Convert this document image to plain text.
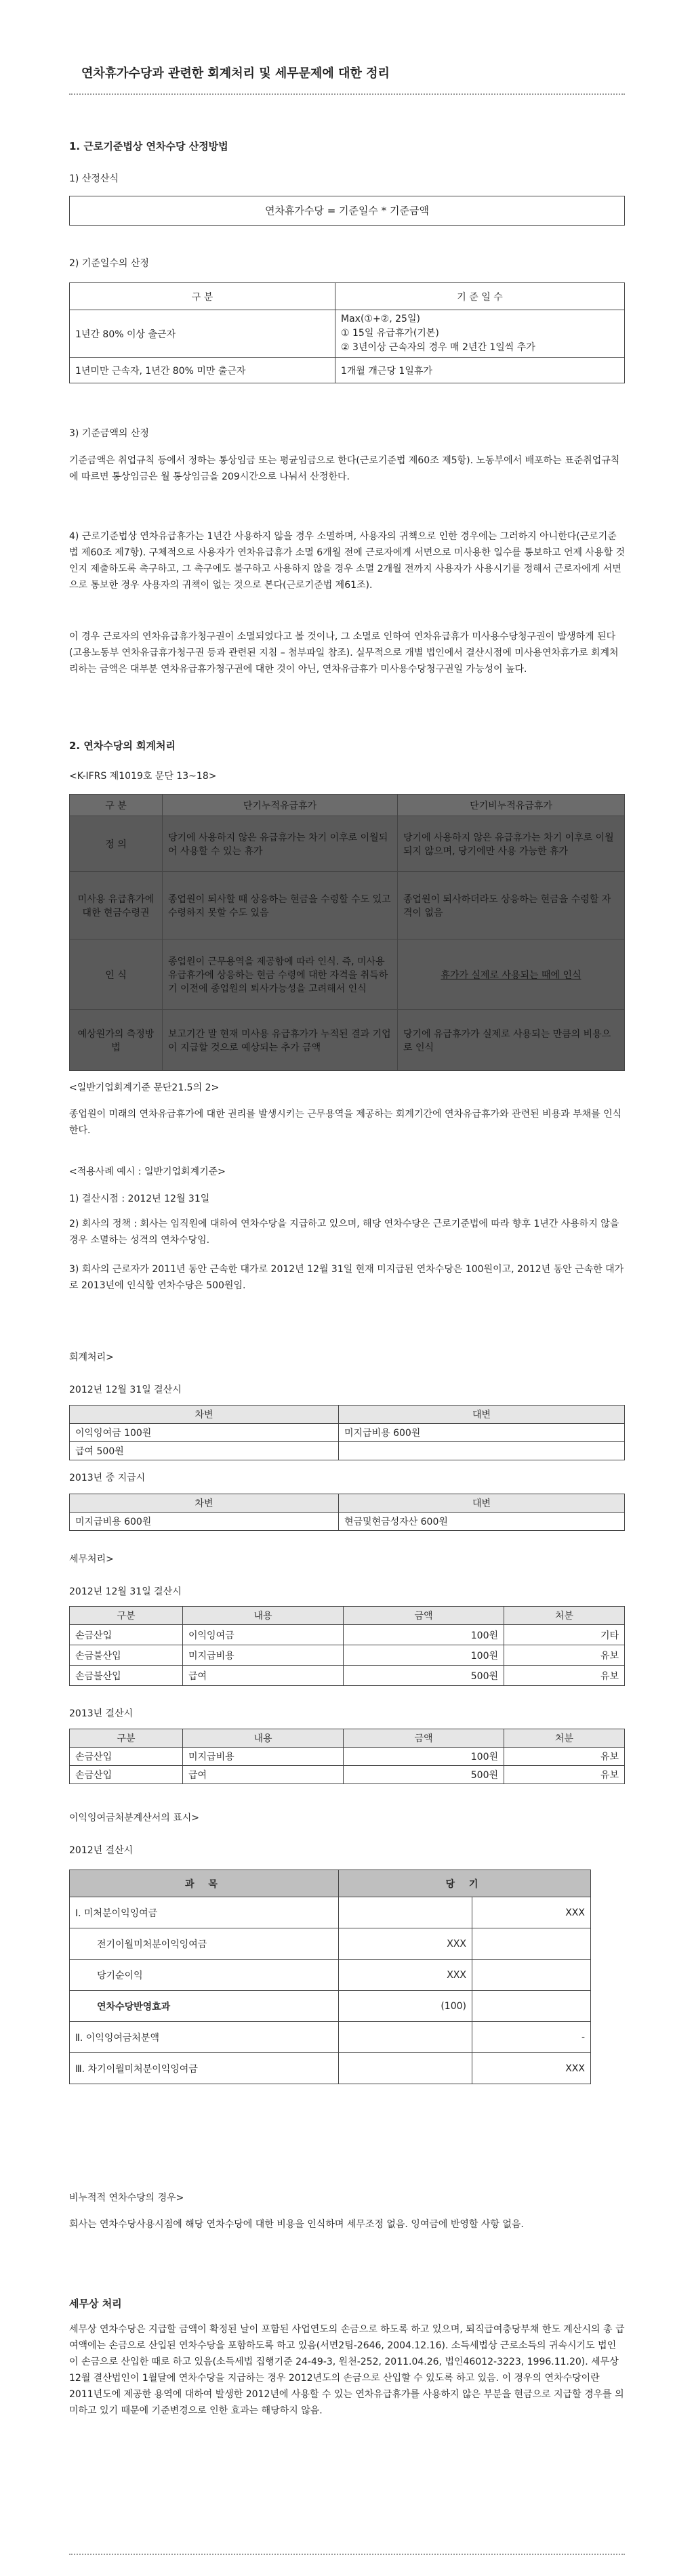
연차휴가수당과 관련한 회계처리 및 세무문제에 대한 정리
1. 근로기준법상 연차수당 산정방법
1) 산정산식
연차휴가수당 = 기준일수 * 기준금액
2) 기준일수의 산정
구 분	기 준 일 수
1년간 80% 이상 출근자	Max(①+②, 25일)
① 15일 유급휴가(기본)
② 3년이상 근속자의 경우 매 2년간 1일씩 추가

1년미만 근속자, 1년간 80% 미만 출근자	1개월 개근당 1일휴가
3) 기준금액의 산정
기준금액은 취업규칙 등에서 정하는 통상임금 또는 평균임금으로 한다(근로기준법 제60조 제5항). 노동부에서 배포하는 표준취업규칙에 따르면 통상임금은 월 통상임금을 209시간으로 나눠서 산정한다.
4) 근로기준법상 연차유급휴가는 1년간 사용하지 않을 경우 소멸하며, 사용자의 귀책으로 인한 경우에는 그러하지 아니한다(근로기준법 제60조 제7항). 구체적으로 사용자가 연차유급휴가 소멸 6개월 전에 근로자에게 서면으로 미사용한 일수를 통보하고 언제 사용할 것인지 제출하도록 촉구하고, 그 촉구에도 불구하고 사용하지 않을 경우 소멸 2개월 전까지 사용자가 사용시기를 정해서 근로자에게 서면으로 통보한 경우 사용자의 귀책이 없는 것으로 본다(근로기준법 제61조).
이 경우 근로자의 연차유급휴가청구권이 소멸되었다고 볼 것이나, 그 소멸로 인하여 연차유급휴가 미사용수당청구권이 발생하게 된다(고용노동부 연차유급휴가청구권 등과 관련된 지침 – 첨부파일 참조). 실무적으로 개별 법인에서 결산시점에 미사용연차휴가로 회계처리하는 금액은 대부분 연차유급휴가청구권에 대한 것이 아닌, 연차유급휴가 미사용수당청구권일 가능성이 높다.
2. 연차수당의 회계처리
<K-IFRS 제1019호 문단 13~18>
구 분	단기누적유급휴가	단기비누적유급휴가
정 의	당기에 사용하지 않은 유급휴가는 차기 이후로 이월되어 사용할 수 있는 휴가	당기에 사용하지 않은 유급휴가는 차기 이후로 이월되지 않으며, 당기에만 사용 가능한 휴가
미사용 유급휴가에 대한 현금수령권	종업원이 퇴사할 때 상응하는 현금을 수령할 수도 있고 수령하지 못할 수도 있음	종업원이 퇴사하더라도 상응하는 현금을 수령할 자격이 없음
인 식	종업원이 근무용역을 제공함에 따라 인식. 즉, 미사용 유급휴가에 상응하는 현금 수령에 대한 자격을 취득하기 이전에 종업원의 퇴사가능성을 고려해서 인식	휴가가 실제로 사용되는 때에 인식
예상원가의 측정방법	보고기간 말 현재 미사용 유급휴가가 누적된 결과 기업이 지급할 것으로 예상되는 추가 금액	당기에 유급휴가가 실제로 사용되는 만큼의 비용으로 인식
<일반기업회계기준 문단21.5의 2>
종업원이 미래의 연차유급휴가에 대한 권리를 발생시키는 근무용역을 제공하는 회계기간에 연차유급휴가와 관련된 비용과 부채를 인식한다.
<적용사례 예시 : 일반기업회계기준>
1) 결산시점 : 2012년 12월 31일
2) 회사의 정책 : 회사는 임직원에 대하여 연차수당을 지급하고 있으며, 해당 연차수당은 근로기준법에 따라 향후 1년간 사용하지 않을 경우 소멸하는 성격의 연차수당임.
3) 회사의 근로자가 2011년 동안 근속한 대가로 2012년 12월 31일 현재 미지급된 연차수당은 100원이고, 2012년 동안 근속한 대가로 2013년에 인식할 연차수당은 500원임.
회계처리>
2012년 12월 31일 결산시
차변	대변
이익잉여금 100원	미지급비용 600원
급여 500원	
2013년 중 지급시
차변	대변
미지급비용 600원	현금및현금성자산 600원
세무처리>
2012년 12월 31일 결산시
구분	내용	금액	처분
손금산입	이익잉여금	100원	기타
손금불산입	미지급비용	100원	유보
손금불산입	급여	500원	유보
2013년 결산시
구분	내용	금액	처분
손금산입	미지급비용	100원	유보
손금산입	급여	500원	유보
이익잉여금처분계산서의 표시>
2012년 결산시
과 목	당 기	
Ⅰ. 미처분이익잉여금		XXX
전기이월미처분이익잉여금	XXX	
당기순이익	XXX	
연차수당반영효과	(100)	
Ⅱ. 이익잉여금처분액		-
Ⅲ. 차기이월미처분이익잉여금		XXX
비누적적 연차수당의 경우>
회사는 연차수당사용시점에 해당 연차수당에 대한 비용을 인식하며 세무조정 없음. 잉여금에 반영할 사항 없음.
세무상 처리
세무상 연차수당은 지급할 금액이 확정된 날이 포함된 사업연도의 손금으로 하도록 하고 있으며, 퇴직급여충당부채 한도 계산시의 총 급여액에는 손금으로 산입된 연차수당을 포함하도록 하고 있음(서면2팀-2646, 2004.12.16). 소득세법상 근로소득의 귀속시기도 법인이 손금으로 산입한 때로 하고 있음(소득세법 집행기준 24-49-3, 원천-252, 2011.04.26, 법인46012-3223, 1996.11.20). 세무상 12월 결산법인이 1월달에 연차수당을 지급하는 경우 2012년도의 손금으로 산입할 수 있도록 하고 있음. 이 경우의 연차수당이란 2011년도에 제공한 용역에 대하여 발생한 2012년에 사용할 수 있는 연차유급휴가를 사용하지 않은 부분을 현금으로 지급할 경우를 의미하고 있기 때문에 기준변경으로 인한 효과는 해당하지 않음.
